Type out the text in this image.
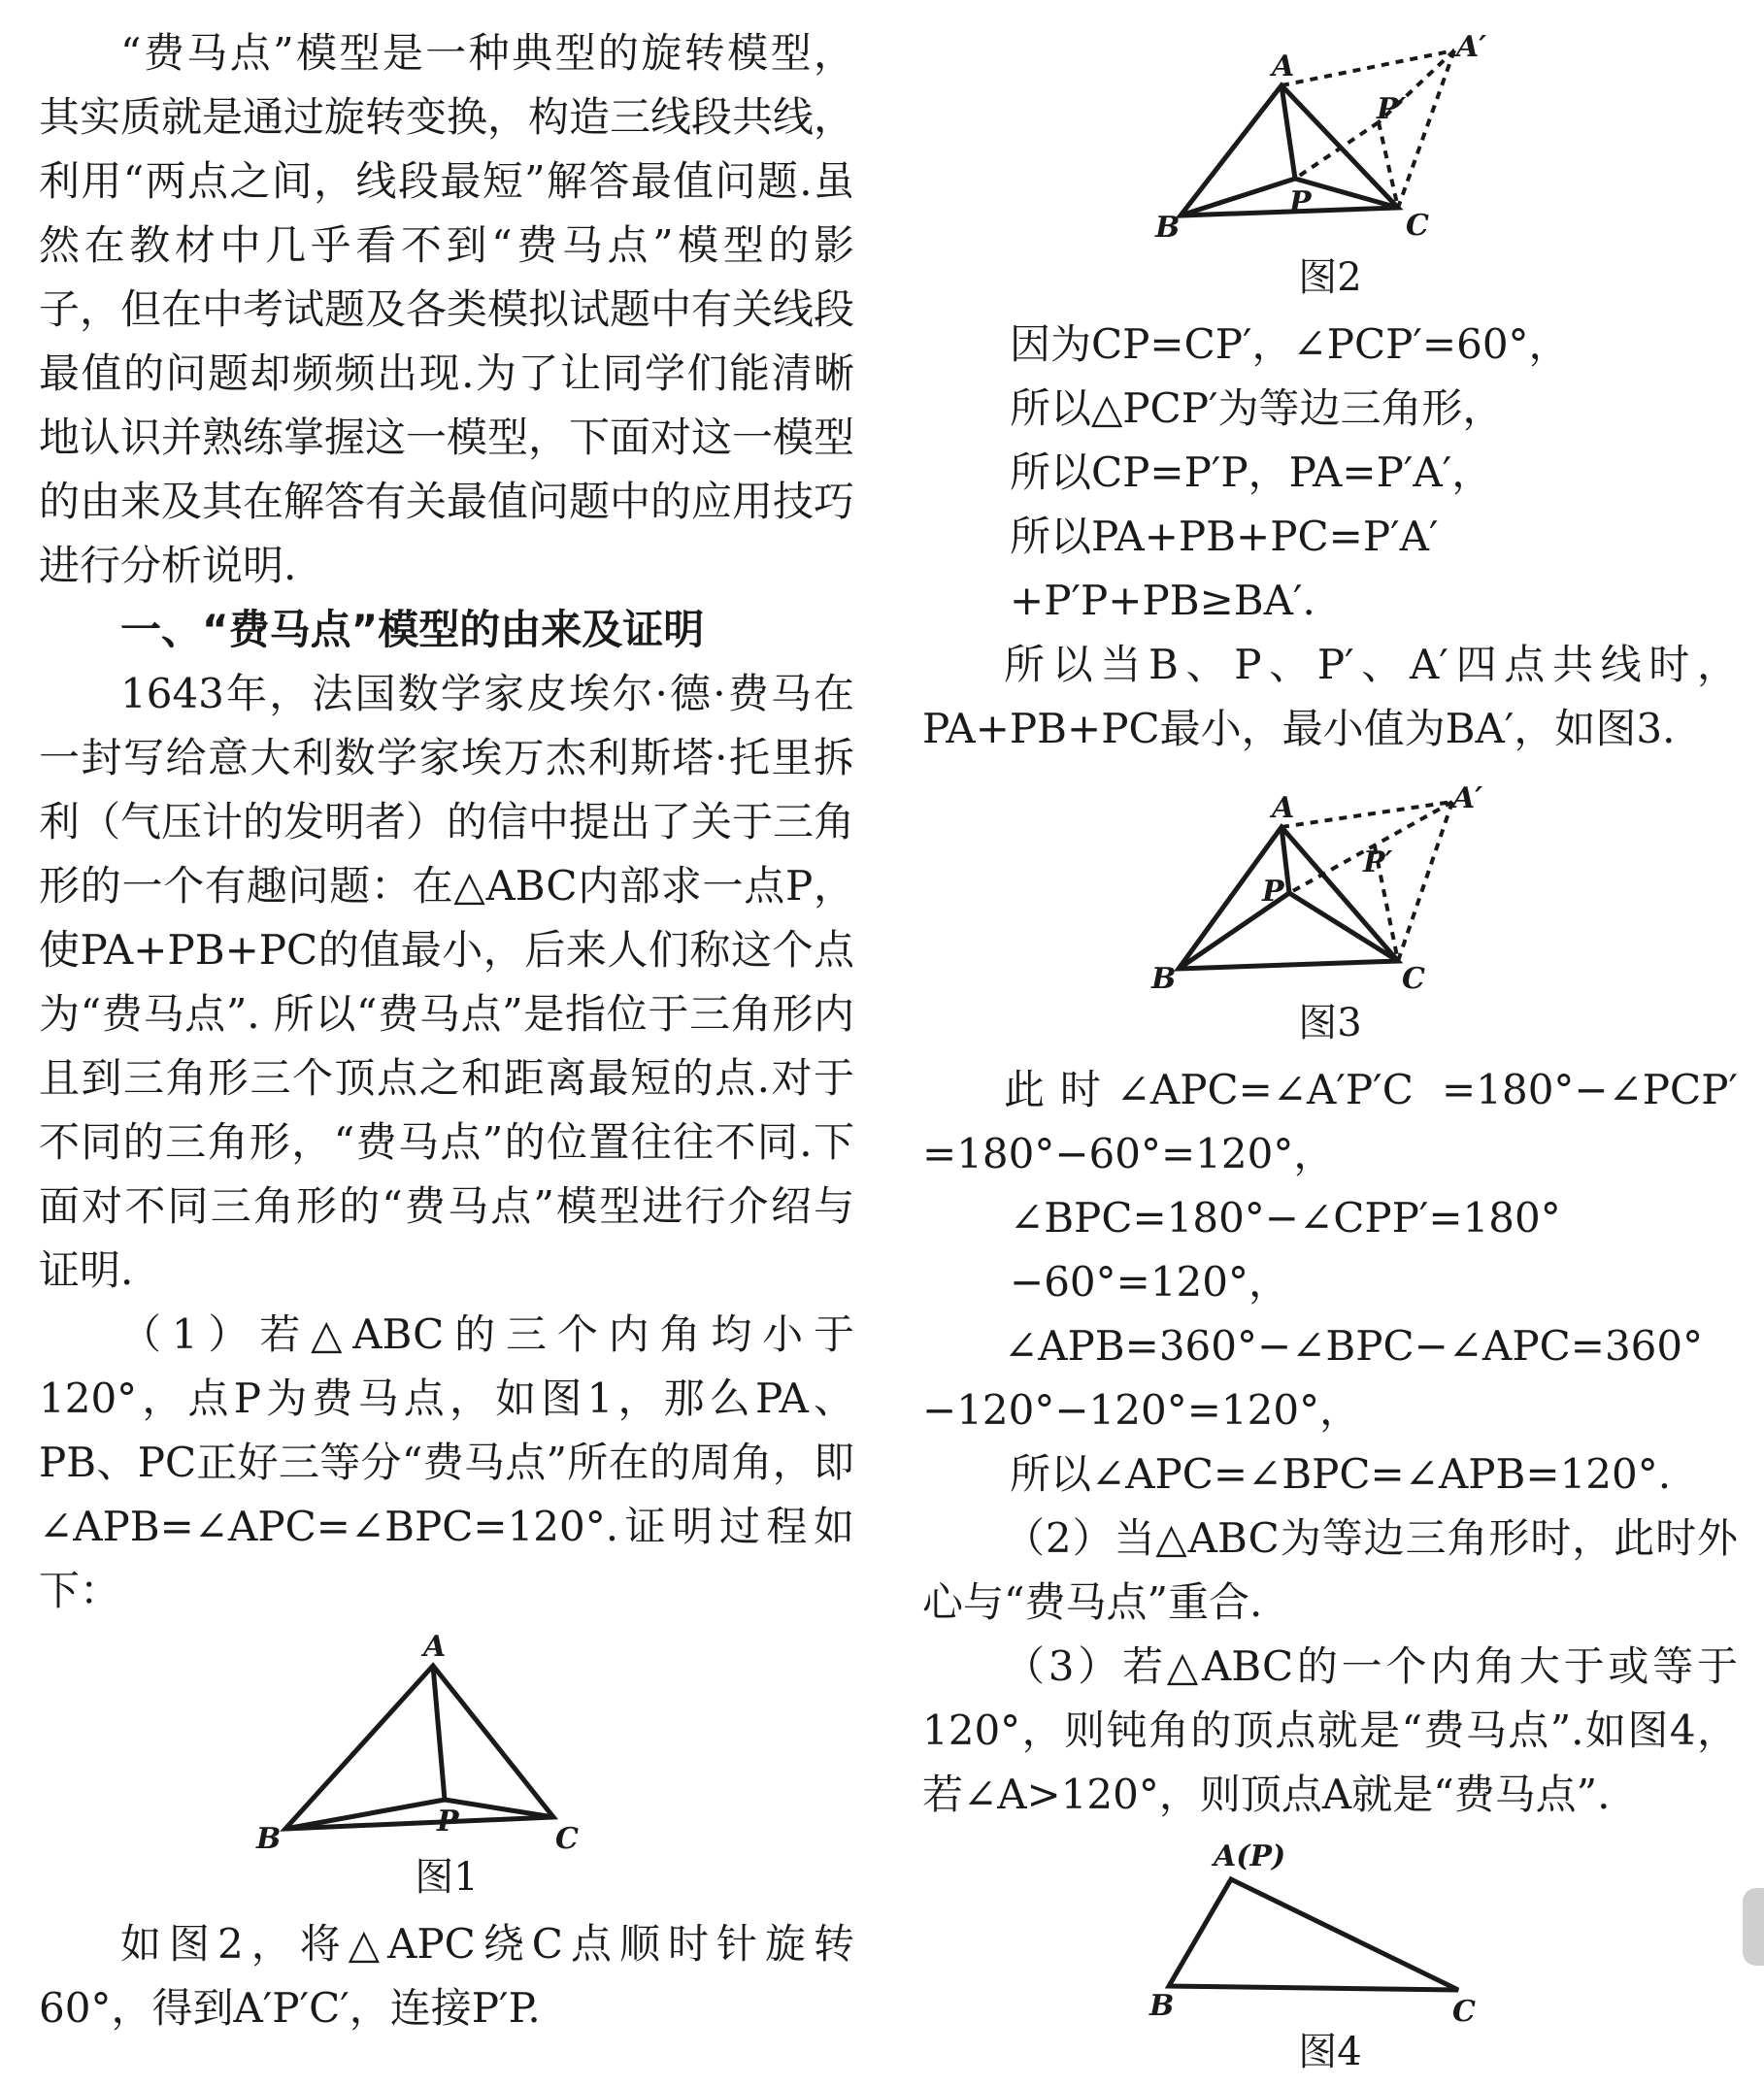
“费马点”模型是一种典型的旋转模型，其实质就是通过旋转变换，构造三线段共线，利用“两点之间，线段最短”解答最值问题.虽然在教材中几乎看不到“费马点”模型的影子，但在中考试题及各类模拟试题中有关线段最值的问题却频频出现.为了让同学们能清晰地认识并熟练掌握这一模型，下面对这一模型的由来及其在解答有关最值问题中的应用技巧进行分析说明.

一、“费马点”模型的由来及证明

1643年，法国数学家皮埃尔·德·费马在一封写给意大利数学家埃万杰利斯塔·托里拆利（气压计的发明者）的信中提出了关于三角形的一个有趣问题：在△ABC内部求一点P，使PA+PB+PC的值最小，后来人们称这个点为“费马点”. 所以“费马点”是指位于三角形内且到三角形三个顶点之和距离最短的点.对于不同的三角形，“费马点”的位置往往不同.下面对不同三角形的“费马点”模型进行介绍与证明.

（1）若△ABC的三个内角均小于120°，点P为费马点，如图1，那么PA、PB、PC正好三等分“费马点”所在的周角，即∠APB=∠APC=∠BPC=120°.证明过程如下：

A
B	C
P

图1

如图2，将△APC绕C点顺时针旋转60°，得到A′P′C′，连接P′P.

A
A′
B	C
P
P′

图2

因为CP=CP′，∠PCP′=60°，

所以△PCP′为等边三角形，

所以CP=P′P，PA=P′A′，

所以PA+PB+PC=P′A′+P′P+PB≥BA′.

所以当B、P、P′、A′四点共线时，PA+PB+PC最小，最小值为BA′，如图3.

A	A′
B	C
P
P′

图3

此时∠APC=∠A′P′C =180°−∠PCP′ =180°−60°=120°，

∠BPC=180°−∠CPP′=180°−60°=120°，

∠APB=360°−∠BPC−∠APC=360°−120°−120°=120°，

所以∠APC=∠BPC=∠APB=120°.

（2）当△ABC为等边三角形时，此时外心与“费马点”重合.

（3）若△ABC的一个内角大于或等于120°，则钝角的顶点就是“费马点”.如图4，若∠A>120°，则顶点A就是“费马点”.

A(P)
B	C

图4
